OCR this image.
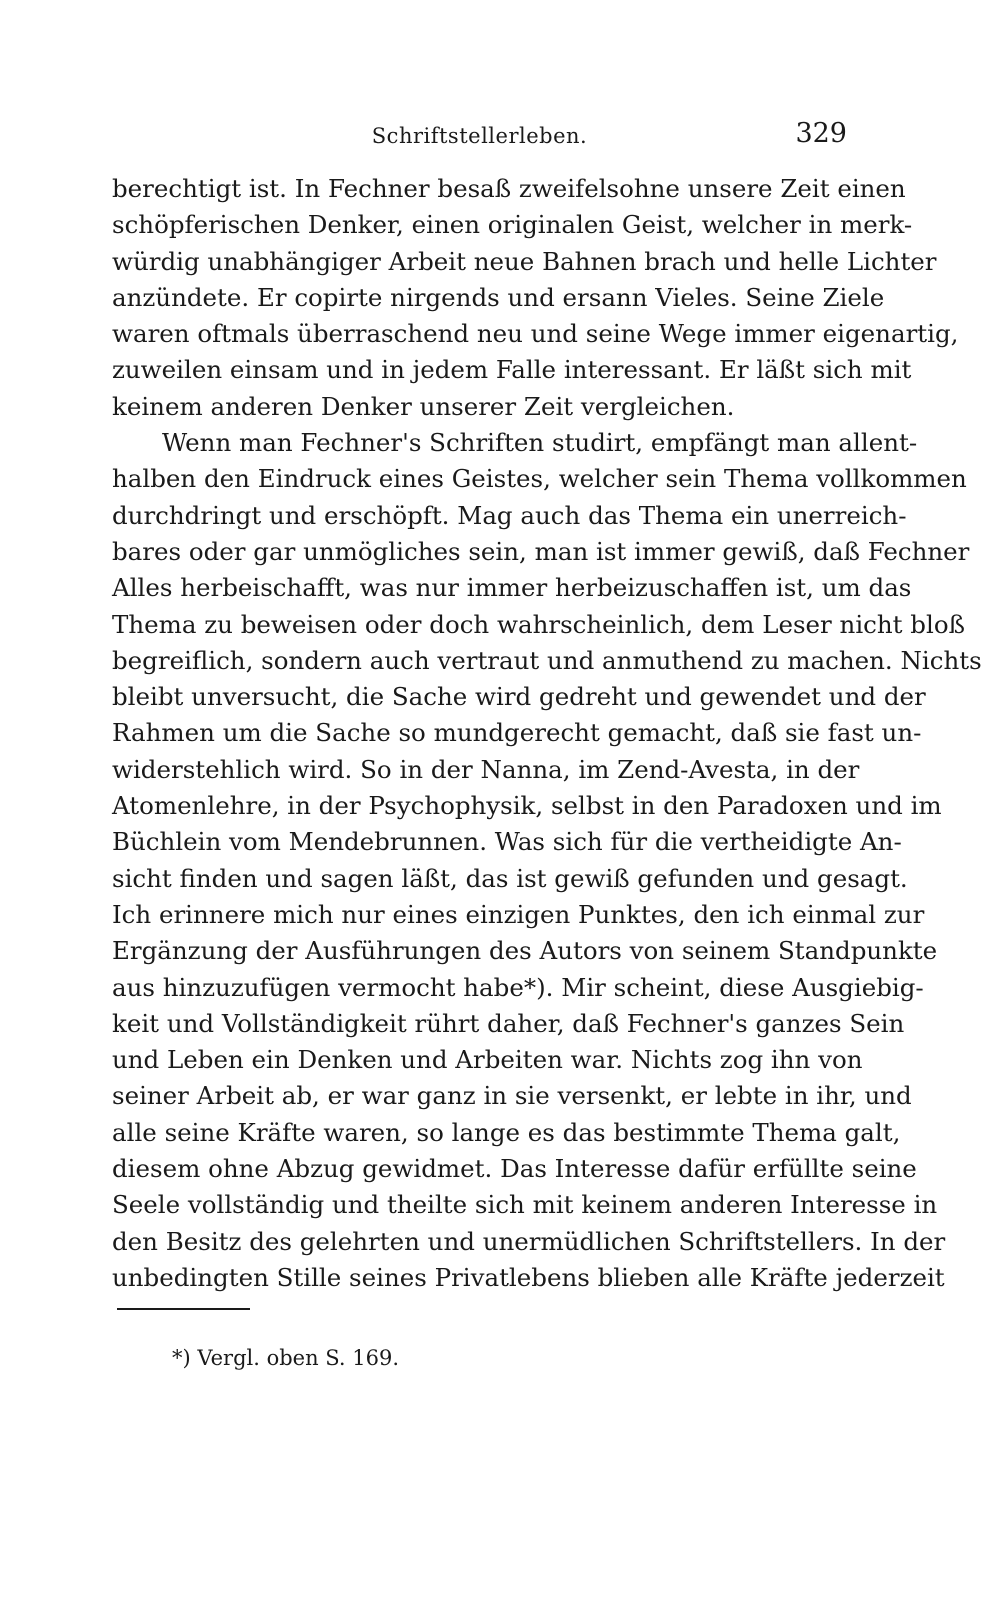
Schriftstellerleben.	329
berechtigt ist. In Fechner besaß zweifelsohne unsere Zeit einen
schöpferischen Denker, einen originalen Geist, welcher in merk-
würdig unabhängiger Arbeit neue Bahnen brach und helle Lichter
anzündete. Er copirte nirgends und ersann Vieles. Seine Ziele
waren oftmals überraschend neu und seine Wege immer eigenartig,
zuweilen einsam und in jedem Falle interessant. Er läßt sich mit
keinem anderen Denker unserer Zeit vergleichen.
Wenn man Fechner's Schriften studirt, empfängt man allent-
halben den Eindruck eines Geistes, welcher sein Thema vollkommen
durchdringt und erschöpft. Mag auch das Thema ein unerreich-
bares oder gar unmögliches sein, man ist immer gewiß, daß Fechner
Alles herbeischafft, was nur immer herbeizuschaffen ist, um das
Thema zu beweisen oder doch wahrscheinlich, dem Leser nicht bloß
begreiflich, sondern auch vertraut und anmuthend zu machen. Nichts
bleibt unversucht, die Sache wird gedreht und gewendet und der
Rahmen um die Sache so mundgerecht gemacht, daß sie fast un-
widerstehlich wird. So in der Nanna, im Zend-Avesta, in der
Atomenlehre, in der Psychophysik, selbst in den Paradoxen und im
Büchlein vom Mendebrunnen. Was sich für die vertheidigte An-
sicht finden und sagen läßt, das ist gewiß gefunden und gesagt.
Ich erinnere mich nur eines einzigen Punktes, den ich einmal zur
Ergänzung der Ausführungen des Autors von seinem Standpunkte
aus hinzuzufügen vermocht habe*). Mir scheint, diese Ausgiebig-
keit und Vollständigkeit rührt daher, daß Fechner's ganzes Sein
und Leben ein Denken und Arbeiten war. Nichts zog ihn von
seiner Arbeit ab, er war ganz in sie versenkt, er lebte in ihr, und
alle seine Kräfte waren, so lange es das bestimmte Thema galt,
diesem ohne Abzug gewidmet. Das Interesse dafür erfüllte seine
Seele vollständig und theilte sich mit keinem anderen Interesse in
den Besitz des gelehrten und unermüdlichen Schriftstellers. In der
unbedingten Stille seines Privatlebens blieben alle Kräfte jederzeit
*) Vergl. oben S. 169.
